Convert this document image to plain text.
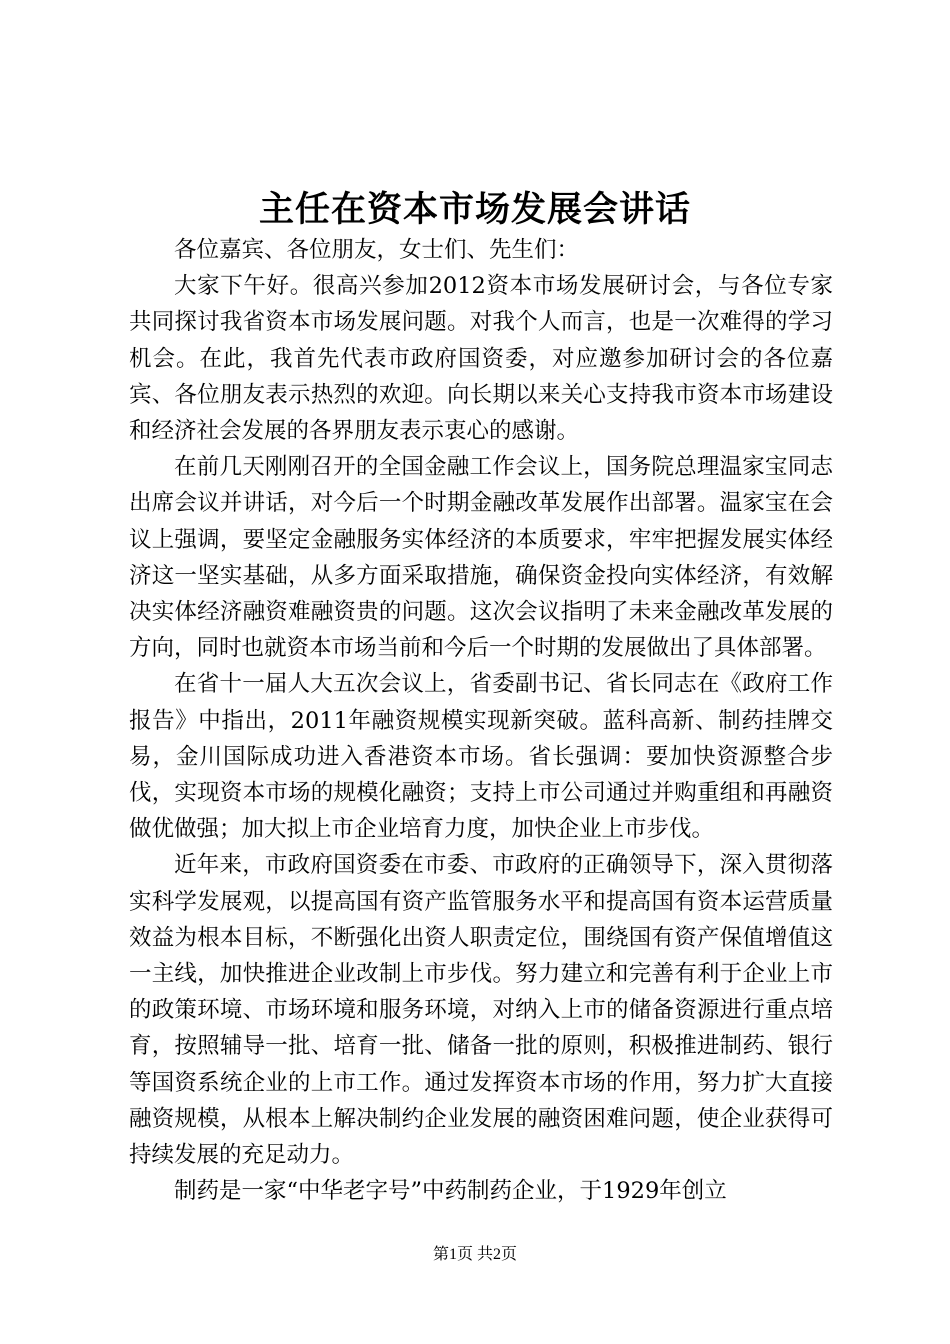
主任在资本市场发展会讲话

各位嘉宾、各位朋友，女士们、先生们：

大家下午好。很高兴参加2012资本市场发展研讨会，与各位专家共同探讨我省资本市场发展问题。对我个人而言，也是一次难得的学习机会。在此，我首先代表市政府国资委，对应邀参加研讨会的各位嘉宾、各位朋友表示热烈的欢迎。向长期以来关心支持我市资本市场建设和经济社会发展的各界朋友表示衷心的感谢。

在前几天刚刚召开的全国金融工作会议上，国务院总理温家宝同志出席会议并讲话，对今后一个时期金融改革发展作出部署。温家宝在会议上强调，要坚定金融服务实体经济的本质要求，牢牢把握发展实体经济这一坚实基础，从多方面采取措施，确保资金投向实体经济，有效解决实体经济融资难融资贵的问题。这次会议指明了未来金融改革发展的方向，同时也就资本市场当前和今后一个时期的发展做出了具体部署。

在省十一届人大五次会议上，省委副书记、省长同志在《政府工作报告》中指出，2011年融资规模实现新突破。蓝科高新、制药挂牌交易，金川国际成功进入香港资本市场。省长强调：要加快资源整合步伐，实现资本市场的规模化融资；支持上市公司通过并购重组和再融资做优做强；加大拟上市企业培育力度，加快企业上市步伐。

近年来，市政府国资委在市委、市政府的正确领导下，深入贯彻落实科学发展观，以提高国有资产监管服务水平和提高国有资本运营质量效益为根本目标，不断强化出资人职责定位，围绕国有资产保值增值这一主线，加快推进企业改制上市步伐。努力建立和完善有利于企业上市的政策环境、市场环境和服务环境，对纳入上市的储备资源进行重点培育，按照辅导一批、培育一批、储备一批的原则，积极推进制药、银行等国资系统企业的上市工作。通过发挥资本市场的作用，努力扩大直接融资规模，从根本上解决制约企业发展的融资困难问题，使企业获得可持续发展的充足动力。

制药是一家“中华老字号”中药制药企业，于1929年创立

第1页 共2页
